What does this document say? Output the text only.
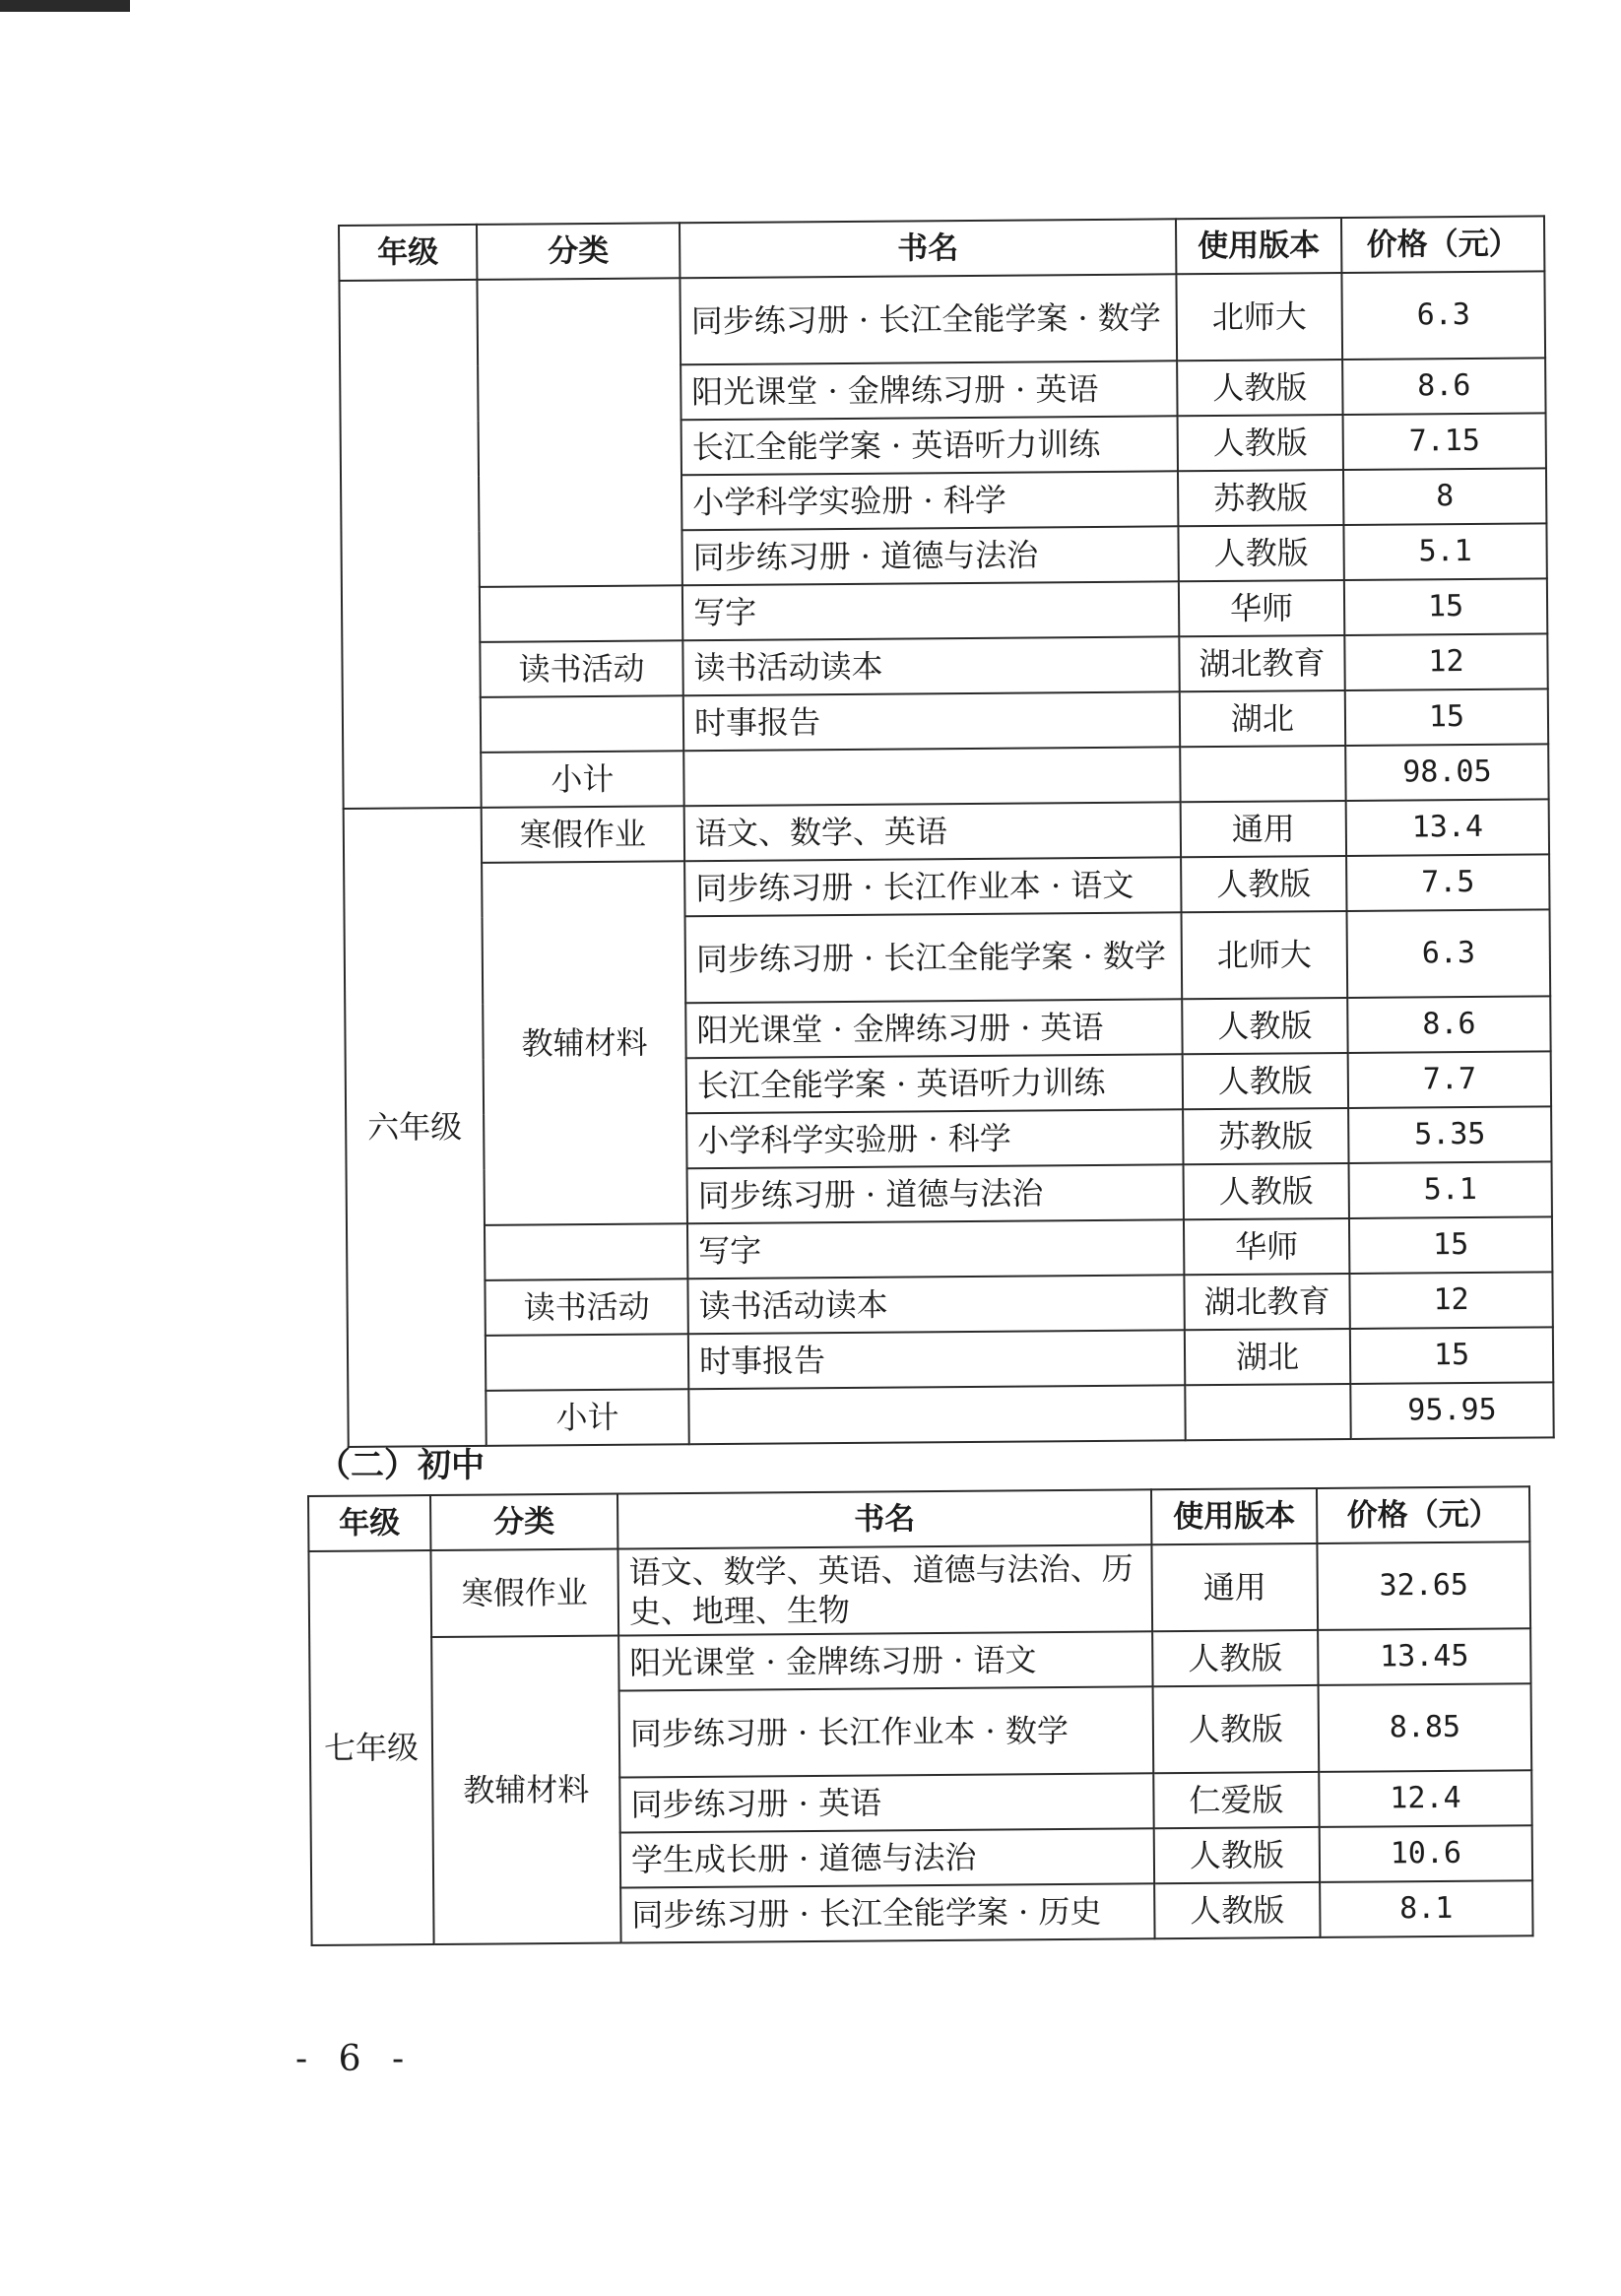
年级	分类	书名	使用版本	价格（元）
		同步练习册 · 长江全能学案 · 数学	北师大	6.3
		阳光课堂 · 金牌练习册 · 英语	人教版	8.6
		长江全能学案 · 英语听力训练	人教版	7.15
		小学科学实验册 · 科学	苏教版	8
		同步练习册 · 道德与法治	人教版	5.1
		写字	华师	15
	读书活动	读书活动读本	湖北教育	12
		时事报告	湖北	15
	小计			98.05
六年级	寒假作业	语文、数学、英语	通用	13.4
	教辅材料	同步练习册 · 长江作业本 · 语文	人教版	7.5
		同步练习册 · 长江全能学案 · 数学	北师大	6.3
		阳光课堂 · 金牌练习册 · 英语	人教版	8.6
		长江全能学案 · 英语听力训练	人教版	7.7
		小学科学实验册 · 科学	苏教版	5.35
		同步练习册 · 道德与法治	人教版	5.1
		写字	华师	15
	读书活动	读书活动读本	湖北教育	12
		时事报告	湖北	15
	小计			95.95
（二）初中
年级	分类	书名	使用版本	价格（元）
七年级	寒假作业	语文、数学、英语、道德与法治、历史、地理、生物	通用	32.65
	教辅材料	阳光课堂 · 金牌练习册 · 语文	人教版	13.45
		同步练习册 · 长江作业本 · 数学	人教版	8.85
		同步练习册 · 英语	仁爱版	12.4
		学生成长册 · 道德与法治	人教版	10.6
		同步练习册 · 长江全能学案 · 历史	人教版	8.1
- 6 -
